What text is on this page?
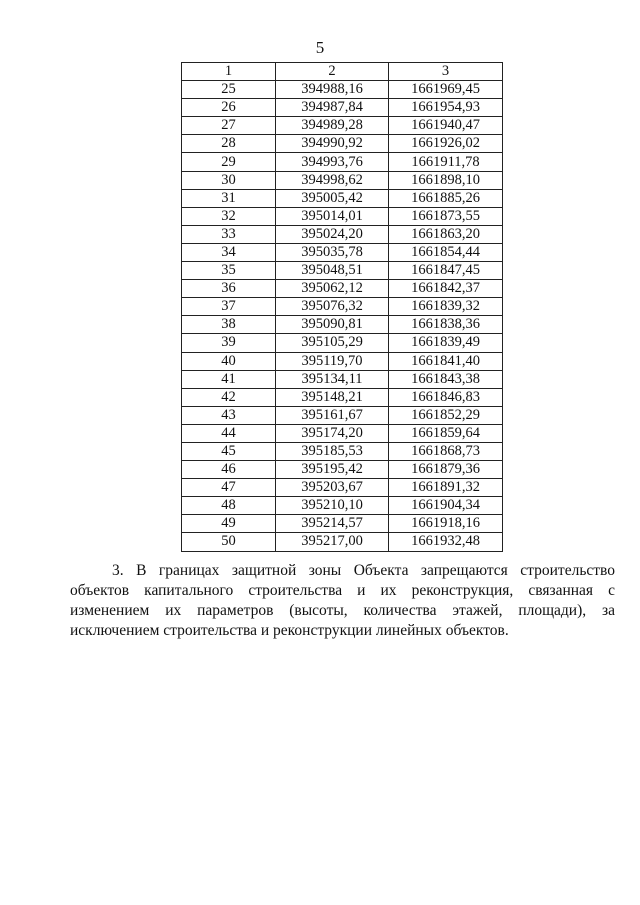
5
1	2	3
25	394988,16	1661969,45
26	394987,84	1661954,93
27	394989,28	1661940,47
28	394990,92	1661926,02
29	394993,76	1661911,78
30	394998,62	1661898,10
31	395005,42	1661885,26
32	395014,01	1661873,55
33	395024,20	1661863,20
34	395035,78	1661854,44
35	395048,51	1661847,45
36	395062,12	1661842,37
37	395076,32	1661839,32
38	395090,81	1661838,36
39	395105,29	1661839,49
40	395119,70	1661841,40
41	395134,11	1661843,38
42	395148,21	1661846,83
43	395161,67	1661852,29
44	395174,20	1661859,64
45	395185,53	1661868,73
46	395195,42	1661879,36
47	395203,67	1661891,32
48	395210,10	1661904,34
49	395214,57	1661918,16
50	395217,00	1661932,48
3. В границах защитной зоны Объекта запрещаются строительство объектов капитального строительства и их реконструкция, связанная с изменением их параметров (высоты, количества этажей, площади), за исключением строительства и реконструкции линейных объектов.
